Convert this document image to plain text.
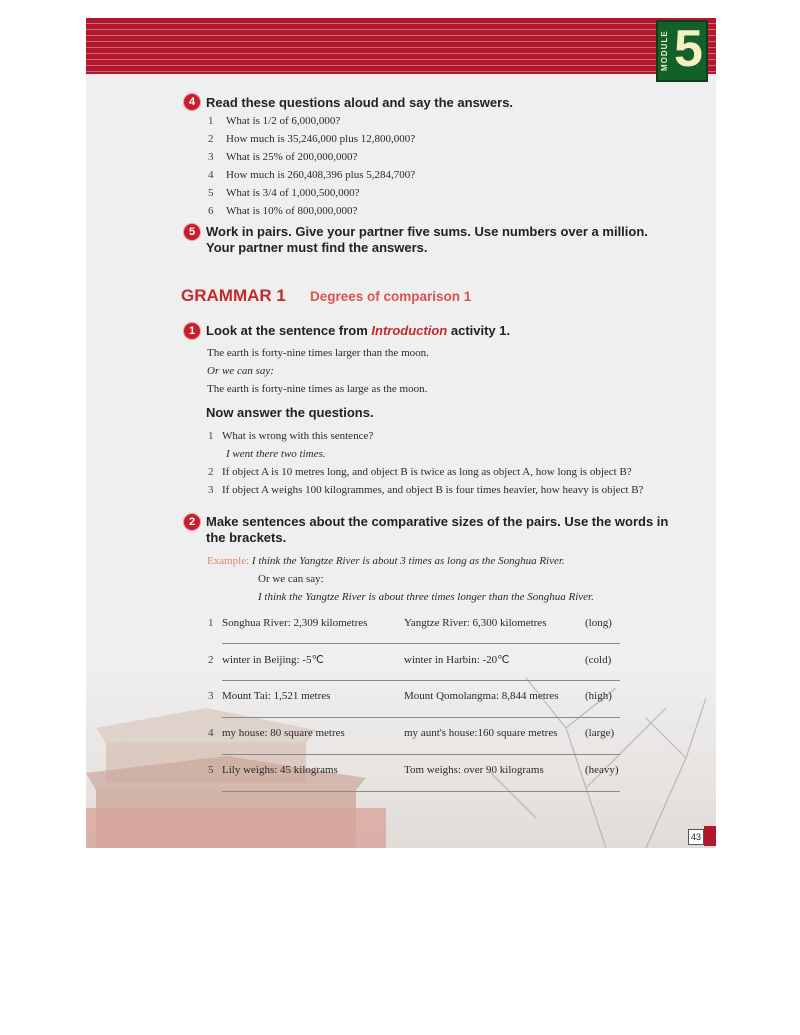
MODULE 5
4 Read these questions aloud and say the answers.
1 What is 1/2 of 6,000,000?
2 How much is 35,246,000 plus 12,800,000?
3 What is 25% of 200,000,000?
4 How much is 260,408,396 plus 5,284,700?
5 What is 3/4 of 1,000,500,000?
6 What is 10% of 800,000,000?
5 Work in pairs. Give your partner five sums. Use numbers over a million.
Your partner must find the answers.
GRAMMAR 1 Degrees of comparison 1
1 Look at the sentence from Introduction activity 1.
The earth is forty-nine times larger than the moon.
Or we can say:
The earth is forty-nine times as large as the moon.
Now answer the questions.
1 What is wrong with this sentence?
I went there two times.
2 If object A is 10 metres long, and object B is twice as long as object A, how long is object B?
3 If object A weighs 100 kilogrammes, and object B is four times heavier, how heavy is object B?
2 Make sentences about the comparative sizes of the pairs. Use the words in
the brackets.
Example: I think the Yangtze River is about 3 times as long as the Songhua River.
Or we can say:
I think the Yangtze River is about three times longer than the Songhua River.
1 Songhua River: 2,309 kilometres	Yangtze River: 6,300 kilometres	(long)
2 winter in Beijing: -5℃	winter in Harbin: -20℃	(cold)
3 Mount Tai: 1,521 metres	Mount Qomolangma: 8,844 metres (high)
4 my house: 80 square metres	my aunt's house:160 square metres (large)
5 Lily weighs: 45 kilograms	Tom weighs: over 90 kilograms	(heavy)
43
